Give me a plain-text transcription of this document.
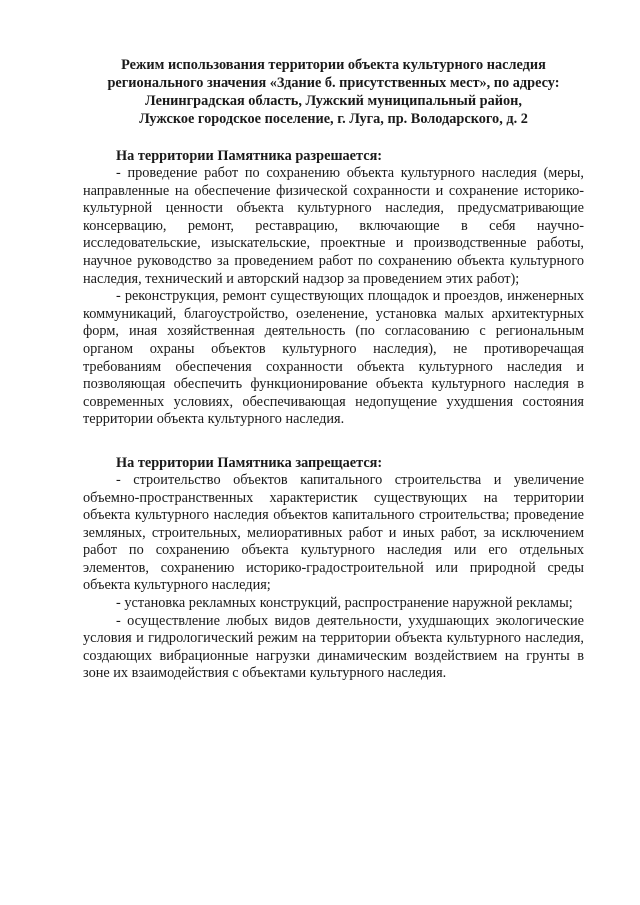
Режим использования территории объекта культурного наследия
регионального значения «Здание б. присутственных мест», по адресу:
Ленинградская область, Лужский муниципальный район,
Лужское городское поселение, г. Луга, пр. Володарского, д. 2
На территории Памятника разрешается:

- проведение работ по сохранению объекта культурного наследия (меры, направленные на обеспечение физической сохранности и сохранение историко-культурной ценности объекта культурного наследия, предусматривающие консервацию, ремонт, реставрацию, включающие в себя научно-исследовательские, изыскательские, проектные и производственные работы, научное руководство за проведением работ по сохранению объекта культурного наследия, технический и авторский надзор за проведением этих работ);

- реконструкция, ремонт существующих площадок и проездов, инженерных коммуникаций, благоустройство, озеленение, установка малых архитектурных форм, иная хозяйственная деятельность (по согласованию с региональным органом охраны объектов культурного наследия), не противоречащая требованиям обеспечения сохранности объекта культурного наследия и позволяющая обеспечить функционирование объекта культурного наследия в современных условиях, обеспечивающая недопущение ухудшения состояния территории объекта культурного наследия.

На территории Памятника запрещается:

- строительство объектов капитального строительства и увеличение объемно-пространственных характеристик существующих на территории объекта культурного наследия объектов капитального строительства; проведение земляных, строительных, мелиоративных работ и иных работ, за исключением работ по сохранению объекта культурного наследия или его отдельных элементов, сохранению историко-градостроительной или природной среды объекта культурного наследия;

- установка рекламных конструкций, распространение наружной рекламы;

- осуществление любых видов деятельности, ухудшающих экологические условия и гидрологический режим на территории объекта культурного наследия, создающих вибрационные нагрузки динамическим воздействием на грунты в зоне их взаимодействия с объектами культурного наследия.
